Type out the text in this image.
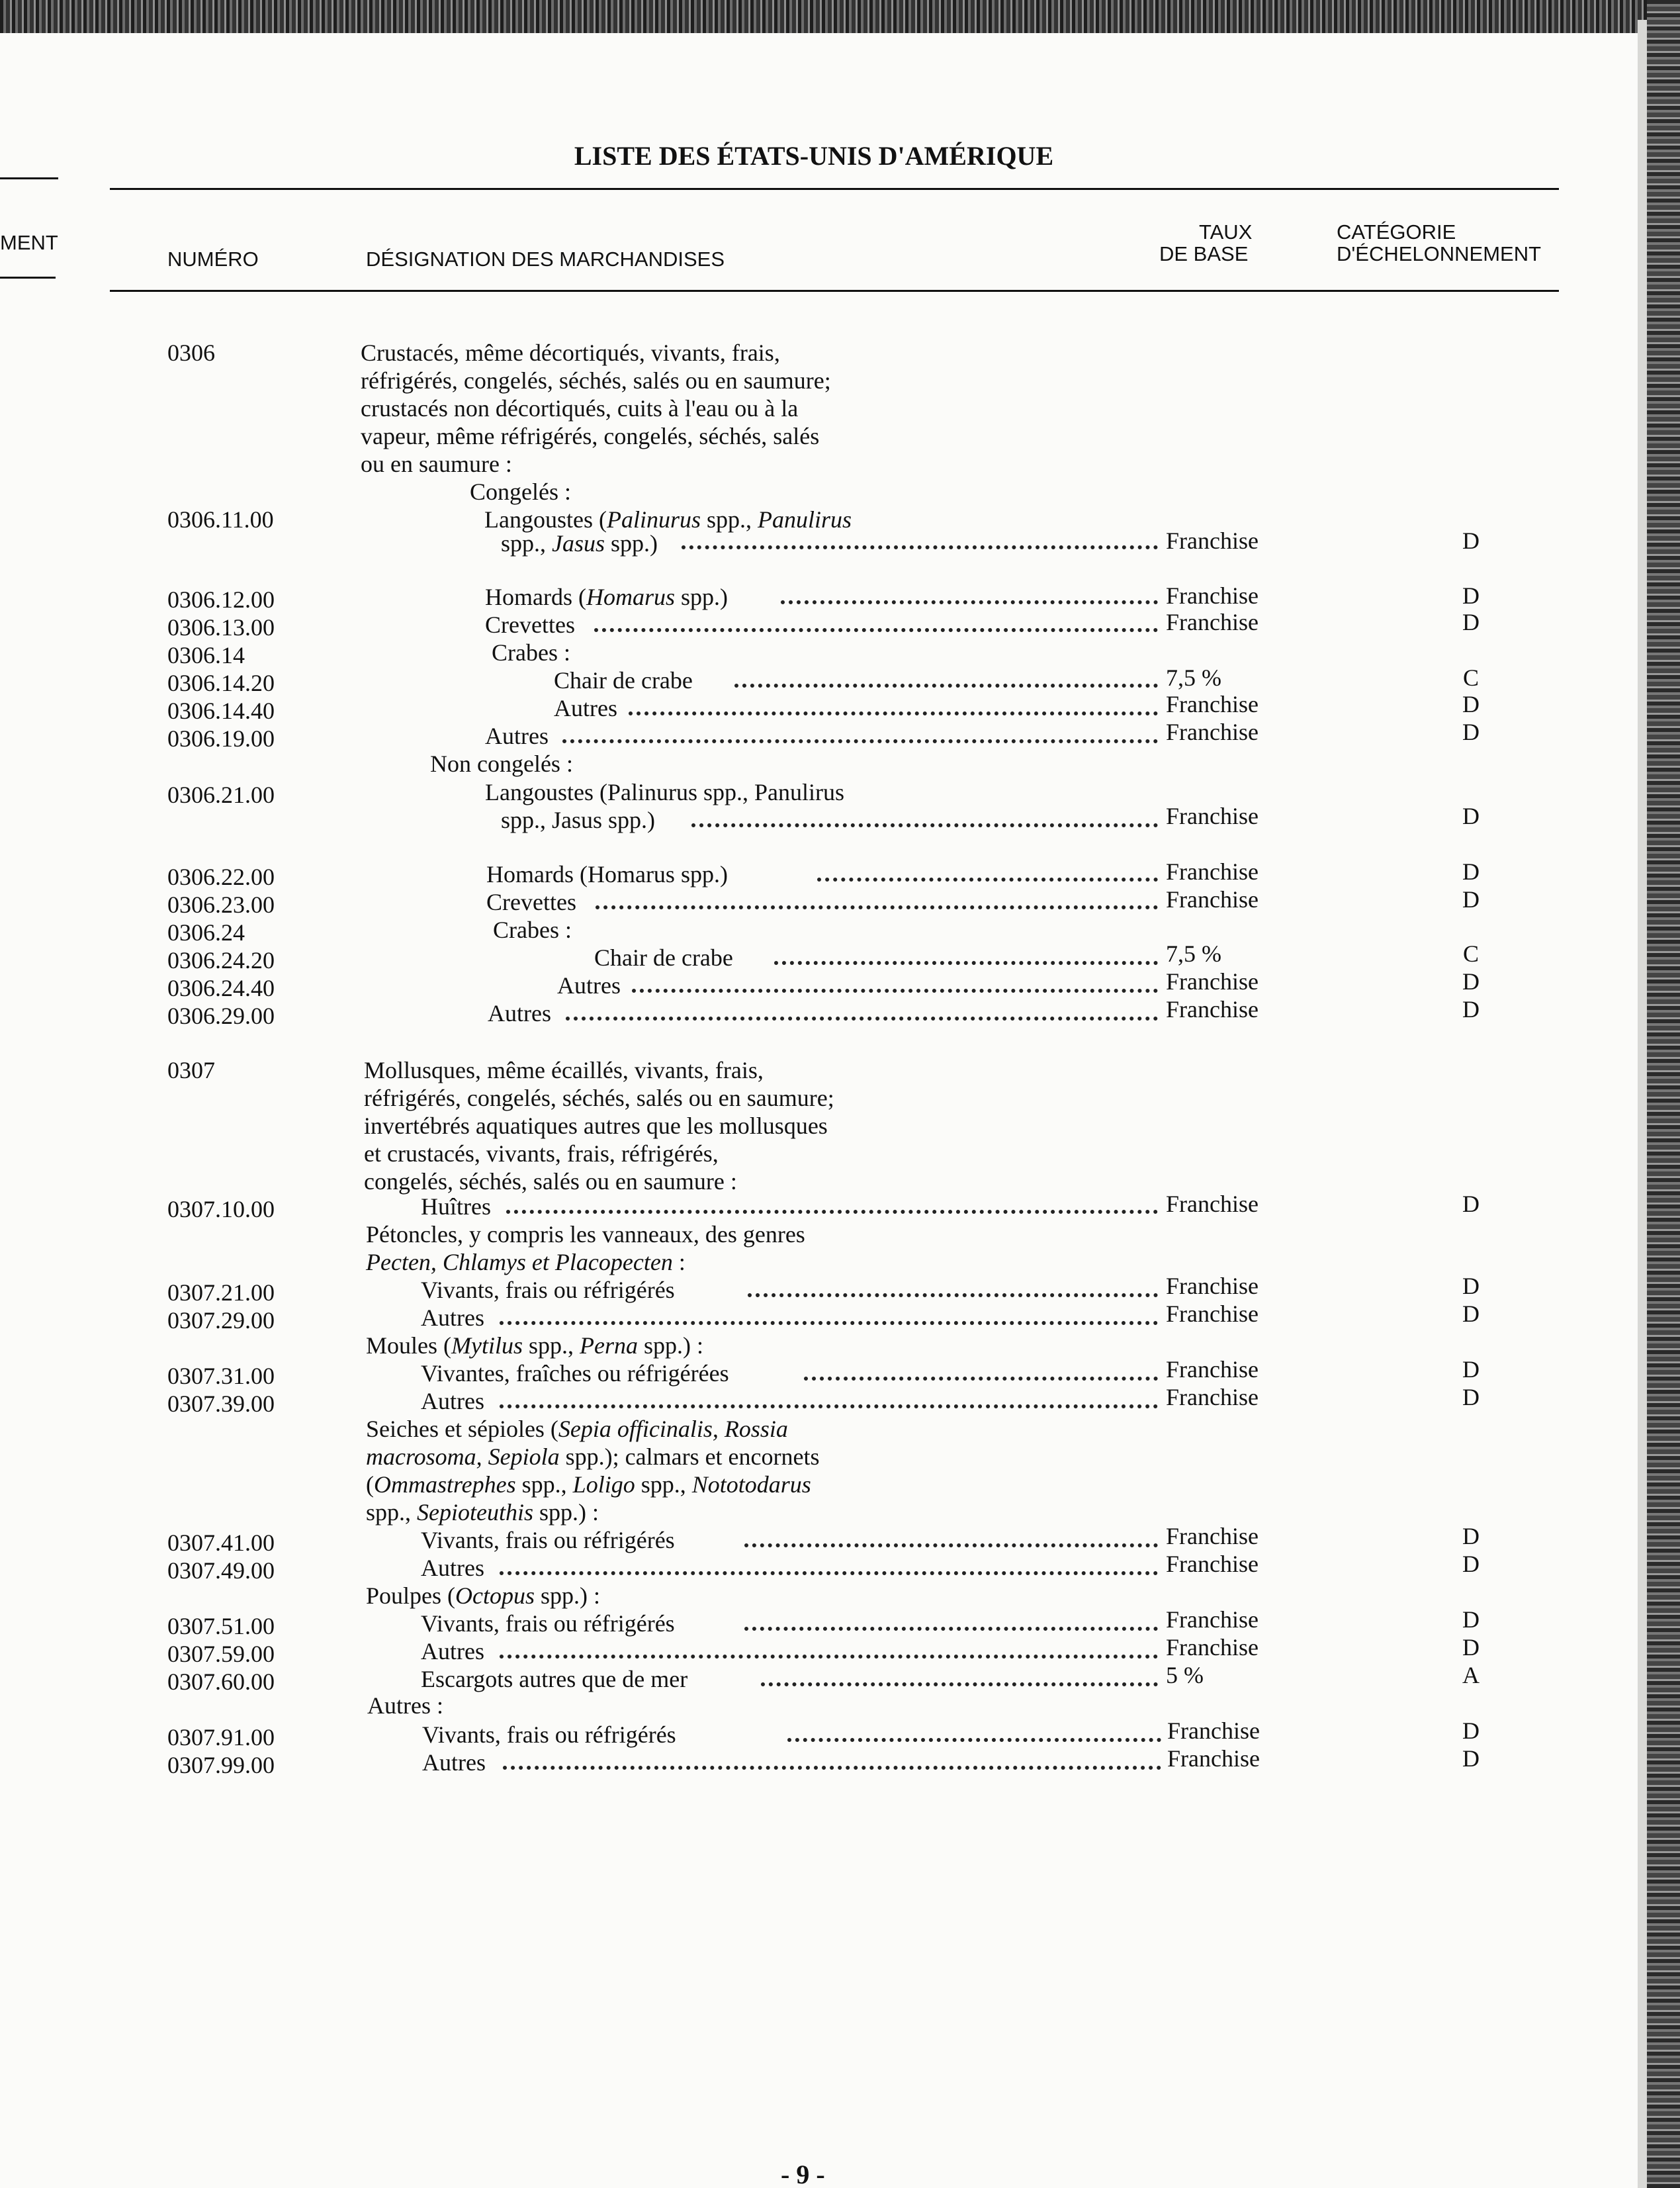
MENT
LISTE DES ÉTATS-UNIS D'AMÉRIQUE
NUMÉRO	DÉSIGNATION DES MARCHANDISES
TAUX
DE BASE
CATÉGORIE
D'ÉCHELONNEMENT
0306	Crustacés, même décortiqués, vivants, frais,
réfrigérés, congelés, séchés, salés ou en saumure;
crustacés non décortiqués, cuits à l'eau ou à la
vapeur, même réfrigérés, congelés, séchés, salés
ou en saumure :
Congelés :
0306.11.00	Langoustes (Palinurus spp., Panulirus
spp., Jasus spp.)	Franchise	D
0306.12.00	Homards (Homarus spp.)	Franchise	D
0306.13.00	Crevettes	Franchise	D
0306.14	Crabes :
0306.14.20	Chair de crabe	7,5 %	C
0306.14.40	Autres	Franchise	D
0306.19.00	Autres	Franchise	D
Non congelés :
0306.21.00	Langoustes (Palinurus spp., Panulirus
spp., Jasus spp.)	Franchise	D
0306.22.00	Homards (Homarus spp.)	Franchise	D
0306.23.00	Crevettes	Franchise	D
0306.24	Crabes :
0306.24.20	Chair de crabe	7,5 %	C
0306.24.40	Autres	Franchise	D
0306.29.00	Autres	Franchise	D
0307	Mollusques, même écaillés, vivants, frais,
réfrigérés, congelés, séchés, salés ou en saumure;
invertébrés aquatiques autres que les mollusques
et crustacés, vivants, frais, réfrigérés,
congelés, séchés, salés ou en saumure :
0307.10.00	Huîtres	Franchise	D
Pétoncles, y compris les vanneaux, des genres
Pecten, Chlamys et Placopecten :
0307.21.00	Vivants, frais ou réfrigérés	Franchise	D
0307.29.00	Autres	Franchise	D
Moules (Mytilus spp., Perna spp.) :
0307.31.00	Vivantes, fraîches ou réfrigérées	Franchise	D
0307.39.00	Autres	Franchise	D
Seiches et sépioles (Sepia officinalis, Rossia
macrosoma, Sepiola spp.); calmars et encornets
(Ommastrephes spp., Loligo spp., Nototodarus
spp., Sepioteuthis spp.) :
0307.41.00	Vivants, frais ou réfrigérés	Franchise	D
0307.49.00	Autres	Franchise	D
Poulpes (Octopus spp.) :
0307.51.00	Vivants, frais ou réfrigérés	Franchise	D
0307.59.00	Autres	Franchise	D
0307.60.00	Escargots autres que de mer	5 %	A
Autres :
0307.91.00	Vivants, frais ou réfrigérés	Franchise	D
0307.99.00	Autres	Franchise	D
- 9 -
